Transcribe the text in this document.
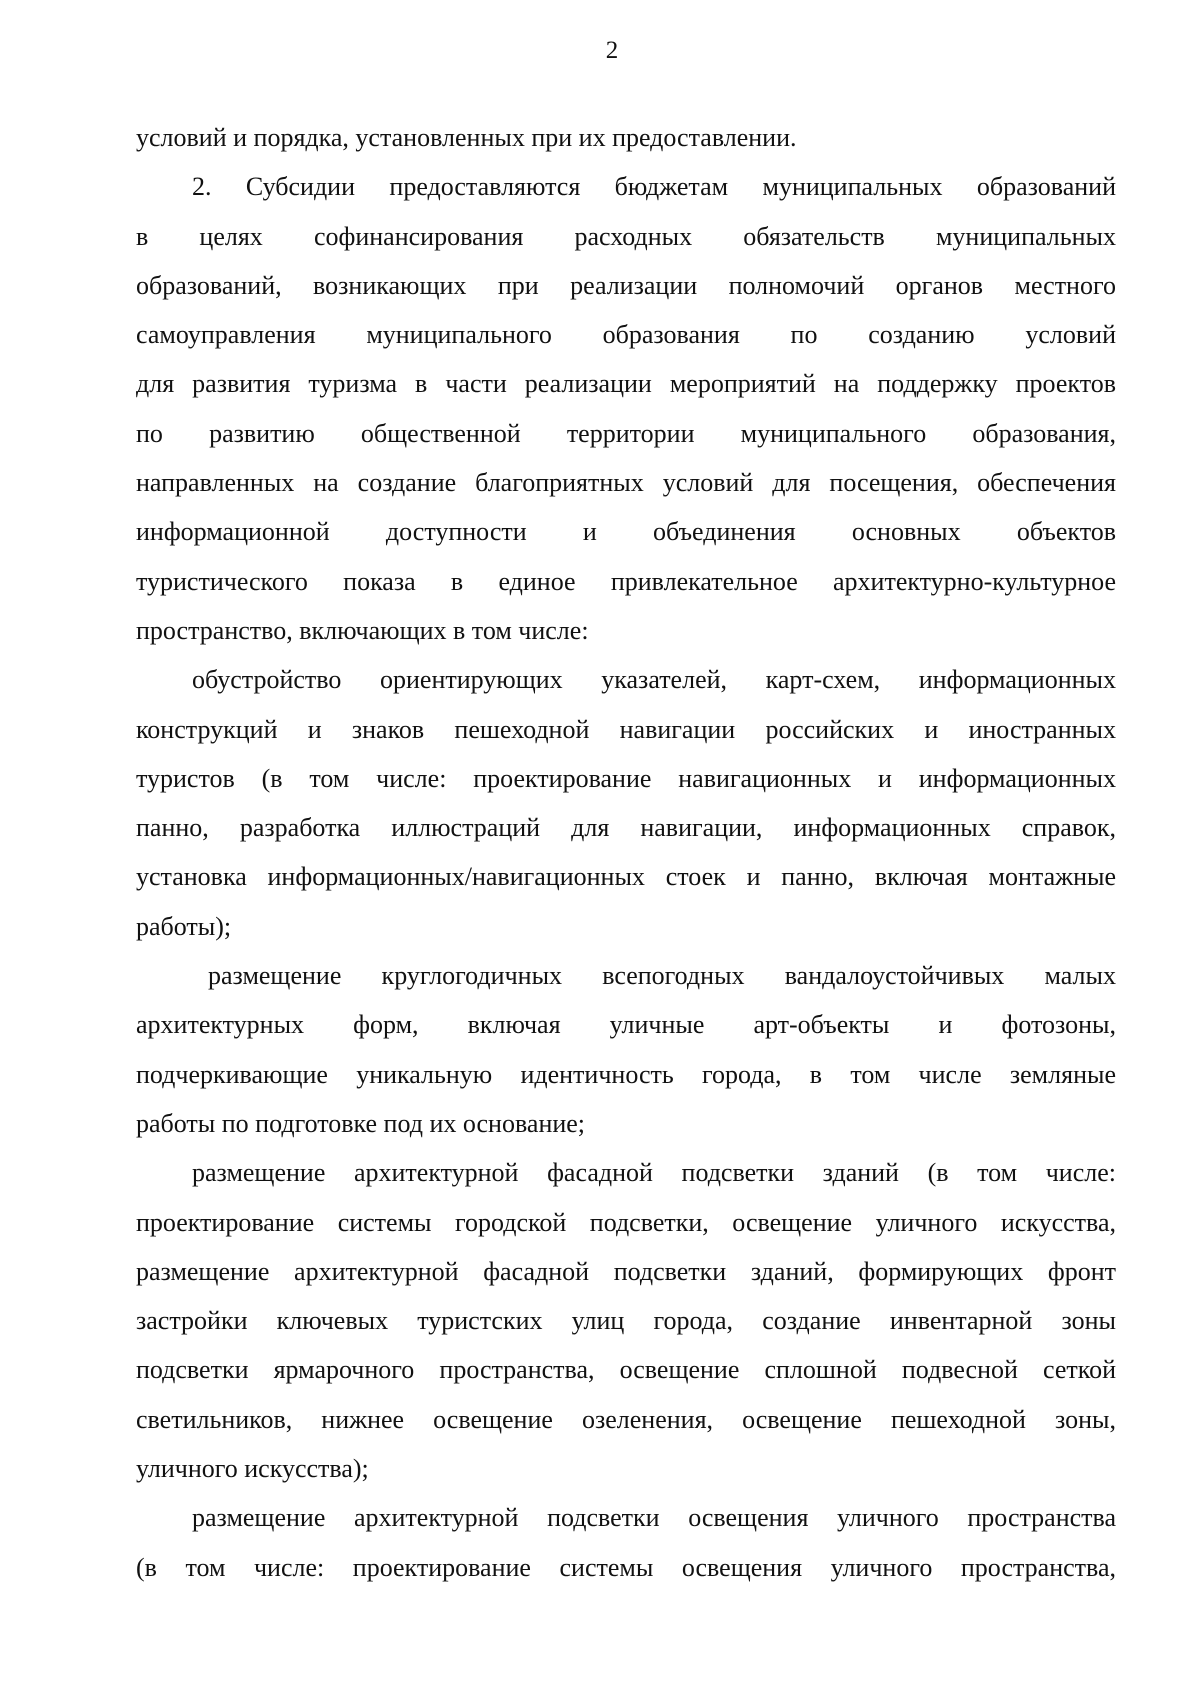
2
условий и порядка, установленных при их предоставлении.
2. Субсидии предоставляются бюджетам муниципальных образований
в целях софинансирования расходных обязательств муниципальных
образований, возникающих при реализации полномочий органов местного
самоуправления муниципального образования по созданию условий
для развития туризма в части реализации мероприятий на поддержку проектов
по развитию общественной территории муниципального образования,
направленных на создание благоприятных условий для посещения, обеспечения
информационной доступности и объединения основных объектов
туристического показа в единое привлекательное архитектурно-культурное
пространство, включающих в том числе:
обустройство ориентирующих указателей, карт-схем, информационных
конструкций и знаков пешеходной навигации российских и иностранных
туристов (в том числе: проектирование навигационных и информационных
панно, разработка иллюстраций для навигации, информационных справок,
установка информационных/навигационных стоек и панно, включая монтажные
работы);
размещение круглогодичных всепогодных вандалоустойчивых малых
архитектурных форм, включая уличные арт-объекты и фотозоны,
подчеркивающие уникальную идентичность города, в том числе земляные
работы по подготовке под их основание;
размещение архитектурной фасадной подсветки зданий (в том числе:
проектирование системы городской подсветки, освещение уличного искусства,
размещение архитектурной фасадной подсветки зданий, формирующих фронт
застройки ключевых туристских улиц города, создание инвентарной зоны
подсветки ярмарочного пространства, освещение сплошной подвесной сеткой
светильников, нижнее освещение озеленения, освещение пешеходной зоны,
уличного искусства);
размещение архитектурной подсветки освещения уличного пространства
(в том числе: проектирование системы освещения уличного пространства,
